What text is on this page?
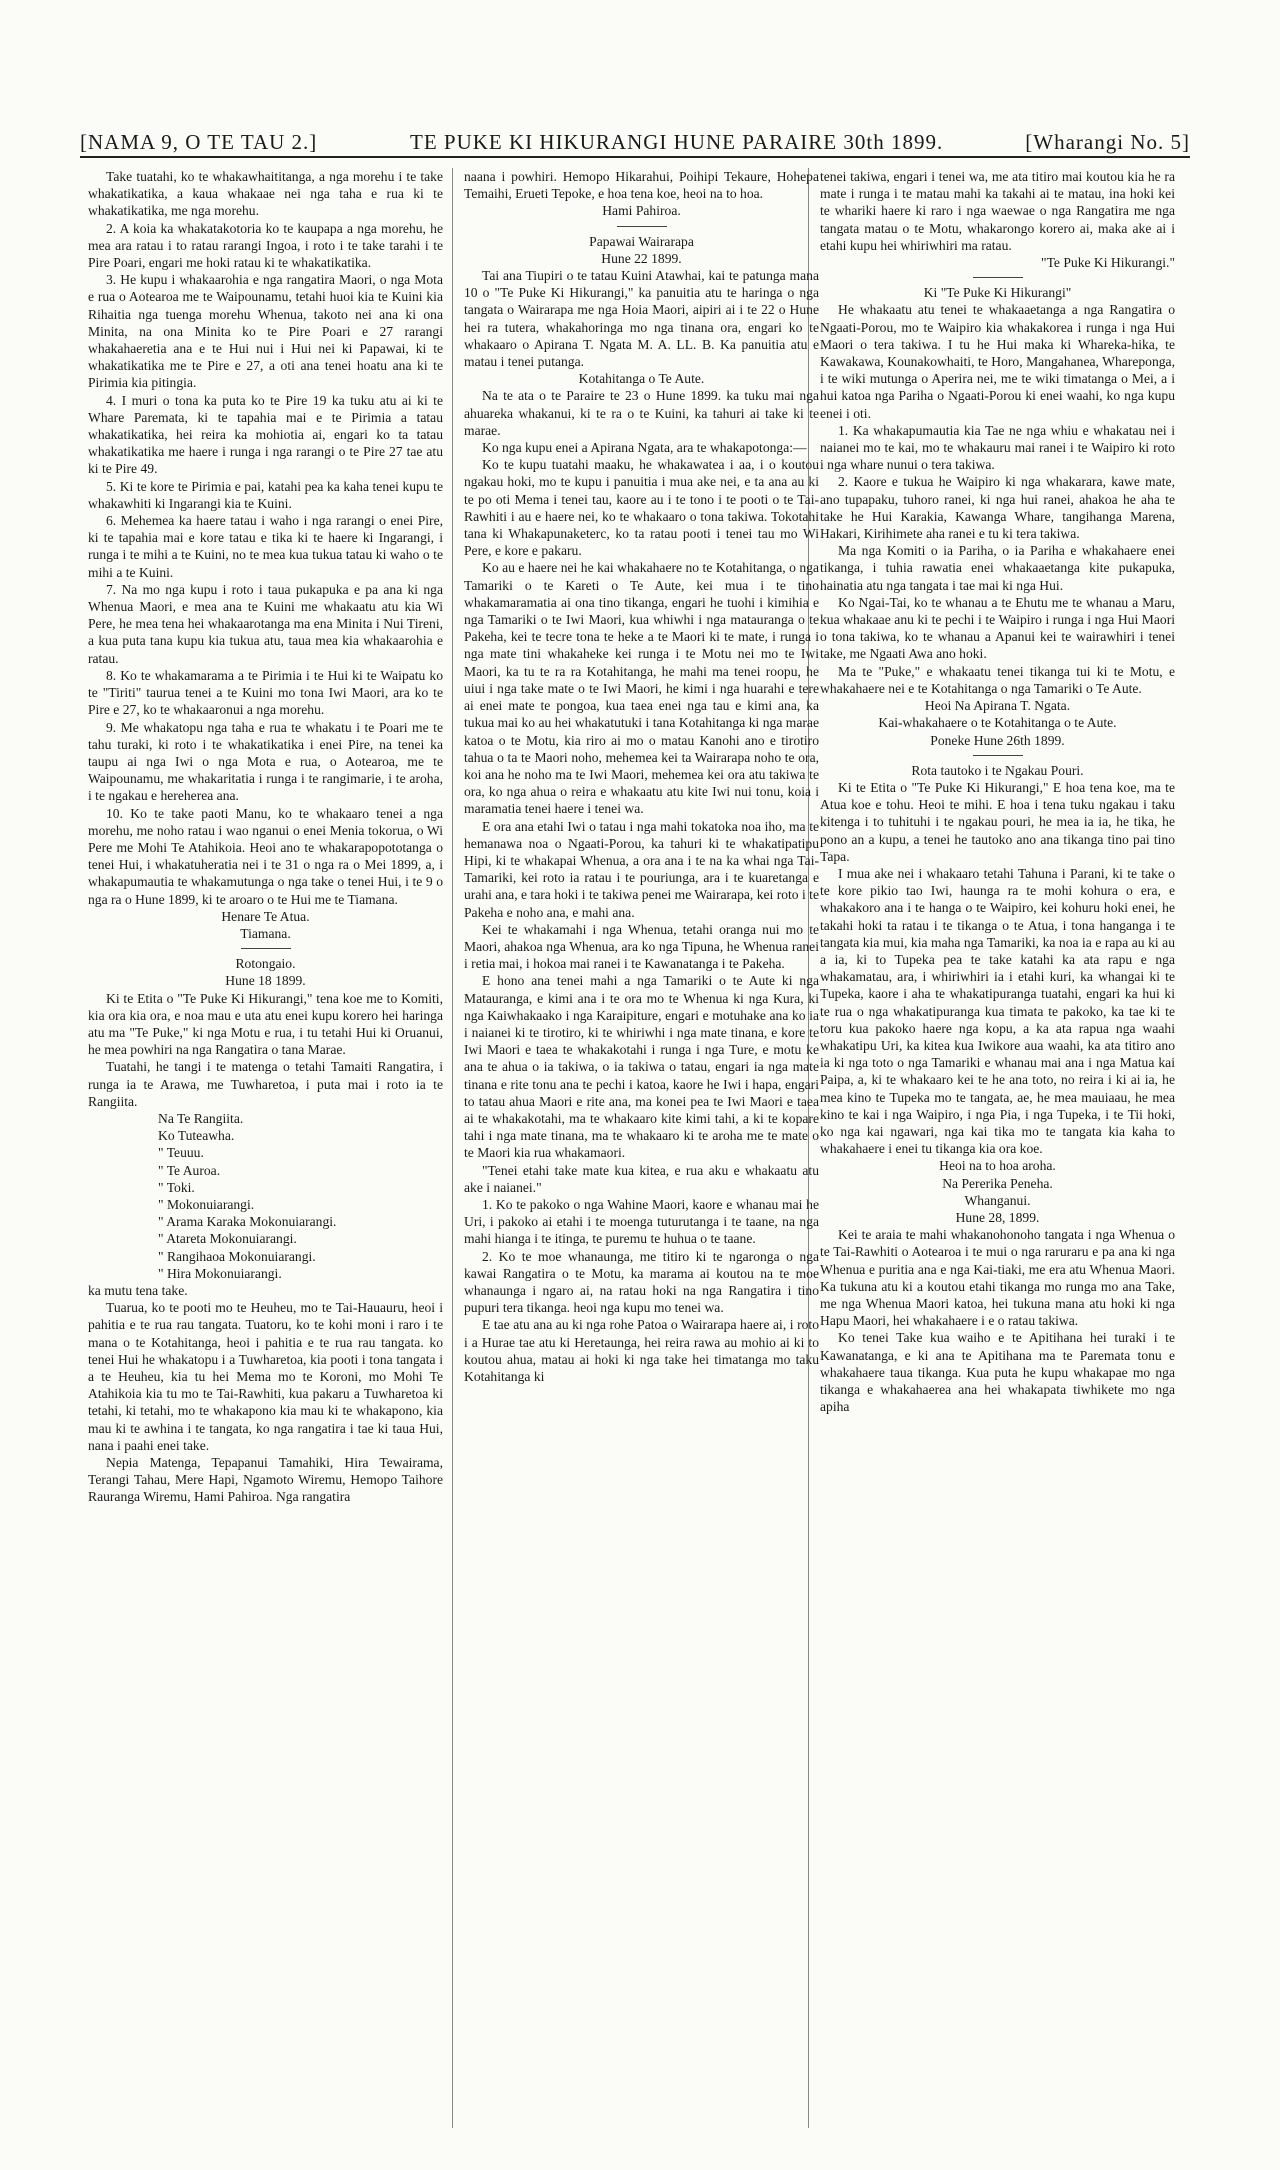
[NAMA 9, O TE TAU 2.]	TE PUKE KI HIKURANGI HUNE PARAIRE 30th 1899.	[Wharangi No. 5]

Take tuatahi, ko te whakawhaititanga, a nga morehu i te take whakatikatika, a kaua whakaae nei nga taha e rua ki te whakatikatika, me nga morehu.

2. A koia ka whakatakotoria ko te kaupapa a nga morehu, he mea ara ratau i to ratau rarangi Ingoa, i roto i te take tarahi i te Pire Poari, engari me hoki ratau ki te whakatikatika.

3. He kupu i whakaarohia e nga rangatira Maori, o nga Mota e rua o Aotearoa me te Waipounamu, tetahi huoi kia te Kuini kia Rihaitia nga tuenga morehu Whenua, takoto nei ana ki ona Minita, na ona Minita ko te Pire Poari e 27 rarangi whakahaeretia ana e te Hui nui i Hui nei ki Papawai, ki te whakatikatika me te Pire e 27, a oti ana tenei hoatu ana ki te Pirimia kia pitingia.

4. I muri o tona ka puta ko te Pire 19 ka tuku atu ai ki te Whare Paremata, ki te tapahia mai e te Pirimia a tatau whakatikatika, hei reira ka mohiotia ai, engari ko ta tatau whakatikatika me haere i runga i nga rarangi o te Pire 27 tae atu ki te Pire 49.

5. Ki te kore te Pirimia e pai, katahi pea ka kaha tenei kupu te whakawhiti ki Ingarangi kia te Kuini.

6. Mehemea ka haere tatau i waho i nga rarangi o enei Pire, ki te tapahia mai e kore tatau e tika ki te haere ki Ingarangi, i runga i te mihi a te Kuini, no te mea kua tukua tatau ki waho o te mihi a te Kuini.

7. Na mo nga kupu i roto i taua pukapuka e pa ana ki nga Whenua Maori, e mea ana te Kuini me whakaatu atu kia Wi Pere, he mea tena hei whakaarotanga ma ena Minita i Nui Tireni, a kua puta tana kupu kia tukua atu, taua mea kia whakaarohia e ratau.

8. Ko te whakamarama a te Pirimia i te Hui ki te Waipatu ko te "Tiriti" taurua tenei a te Kuini mo tona Iwi Maori, ara ko te Pire e 27, ko te whakaaronui a nga morehu.

9. Me whakatopu nga taha e rua te whakatu i te Poari me te tahu turaki, ki roto i te whakatikatika i enei Pire, na tenei ka taupu ai nga Iwi o nga Mota e rua, o Aotearoa, me te Waipounamu, me whakaritatia i runga i te rangimarie, i te aroha, i te ngakau e hereherea ana.

10. Ko te take paoti Manu, ko te whakaaro tenei a nga morehu, me noho ratau i wao nganui o enei Menia tokorua, o Wi Pere me Mohi Te Atahikoia. Heoi ano te whakarapopototanga o tenei Hui, i whakatuheratia nei i te 31 o nga ra o Mei 1899, a, i whakapumautia te whakamutunga o nga take o tenei Hui, i te 9 o nga ra o Hune 1899, ki te aroaro o te Hui me te Tiamana.

Henare Te Atua.

Tiamana.

Rotongaio.

Hune 18 1899.

Ki te Etita o "Te Puke Ki Hikurangi," tena koe me to Komiti, kia ora kia ora, e noa mau e uta atu enei kupu korero hei haringa atu ma "Te Puke," ki nga Motu e rua, i tu tetahi Hui ki Oruanui, he mea powhiri na nga Rangatira o tana Marae.

Tuatahi, he tangi i te matenga o tetahi Tamaiti Rangatira, i runga ia te Arawa, me Tuwharetoa, i puta mai i roto ia te Rangiita.

Na Te Rangiita.

Ko Tuteawha.

" Teuuu.

" Te Auroa.

" Toki.

" Mokonuiarangi.

" Arama Karaka Mokonuiarangi.

" Atareta Mokonuiarangi.

" Rangihaoa Mokonuiarangi.

" Hira Mokonuiarangi.

ka mutu tena take.

Tuarua, ko te pooti mo te Heuheu, mo te Tai-Hauauru, heoi i pahitia e te rua rau tangata. Tuatoru, ko te kohi moni i raro i te mana o te Kotahitanga, heoi i pahitia e te rua rau tangata. ko tenei Hui he whakatopu i a Tuwharetoa, kia pooti i tona tangata i a te Heuheu, kia tu hei Mema mo te Koroni, mo Mohi Te Atahikoia kia tu mo te Tai-Rawhiti, kua pakaru a Tuwharetoa ki tetahi, ki tetahi, mo te whakapono kia mau ki te whakapono, kia mau ki te awhina i te tangata, ko nga rangatira i tae ki taua Hui, nana i paahi enei take.

Nepia Matenga, Tepapanui Tamahiki, Hira Tewairama, Terangi Tahau, Mere Hapi, Ngamoto Wiremu, Hemopo Taihore Rauranga Wiremu, Hami Pahiroa. Nga rangatira

naana i powhiri. Hemopo Hikarahui, Poihipi Tekaure, Hohepa Temaihi, Erueti Tepoke, e hoa tena koe, heoi na to hoa.

Hami Pahiroa.

Papawai Wairarapa

Hune 22 1899.

Tai ana Tiupiri o te tatau Kuini Atawhai, kai te patunga mana 10 o "Te Puke Ki Hikurangi," ka panuitia atu te haringa o nga tangata o Wairarapa me nga Hoia Maori, aipiri ai i te 22 o Hune hei ra tutera, whakahoringa mo nga tinana ora, engari ko te whakaaro o Apirana T. Ngata M. A. LL. B. Ka panuitia atu e matau i tenei putanga.

Kotahitanga o Te Aute.

Na te ata o te Paraire te 23 o Hune 1899. ka tuku mai nga ahuareka whakanui, ki te ra o te Kuini, ka tahuri ai take ki te marae.

Ko nga kupu enei a Apirana Ngata, ara te whakapotonga:—

Ko te kupu tuatahi maaku, he whakawatea i aa, i o koutou ngakau hoki, mo te kupu i panuitia i mua ake nei, e ta ana au ki te po oti Mema i tenei tau, kaore au i te tono i te pooti o te Tai-Rawhiti i au e haere nei, ko te whakaaro o tona takiwa. Tokotahi tana ki Whakapunaketerc, ko ta ratau pooti i tenei tau mo Wi Pere, e kore e pakaru.

Ko au e haere nei he kai whakahaere no te Kotahitanga, o nga Tamariki o te Kareti o Te Aute, kei mua i te tino whakamaramatia ai ona tino tikanga, engari he tuohi i kimihia e nga Tamariki o te Iwi Maori, kua whiwhi i nga matauranga o te Pakeha, kei te tecre tona te heke a te Maori ki te mate, i runga i nga mate tini whakaheke kei runga i te Motu nei mo te Iwi Maori, ka tu te ra ra Kotahitanga, he mahi ma tenei roopu, he uiui i nga take mate o te Iwi Maori, he kimi i nga huarahi e tere ai enei mate te pongoa, kua taea enei nga tau e kimi ana, ka tukua mai ko au hei whakatutuki i tana Kotahitanga ki nga marae katoa o te Motu, kia riro ai mo o matau Kanohi ano e tirotiro tahua o ta te Maori noho, mehemea kei ta Wairarapa noho te ora, koi ana he noho ma te Iwi Maori, mehemea kei ora atu takiwa te ora, ko nga ahua o reira e whakaatu atu kite Iwi nui tonu, koia i maramatia tenei haere i tenei wa.

E ora ana etahi Iwi o tatau i nga mahi tokatoka noa iho, ma te hemanawa noa o Ngaati-Porou, ka tahuri ki te whakatipatipu Hipi, ki te whakapai Whenua, a ora ana i te na ka whai nga Tai-Tamariki, kei roto ia ratau i te pouriunga, ara i te kuaretanga e urahi ana, e tara hoki i te takiwa penei me Wairarapa, kei roto i te Pakeha e noho ana, e mahi ana.

Kei te whakamahi i nga Whenua, tetahi oranga nui mo te Maori, ahakoa nga Whenua, ara ko nga Tipuna, he Whenua ranei i retia mai, i hokoa mai ranei i te Kawanatanga i te Pakeha.

E hono ana tenei mahi a nga Tamariki o te Aute ki nga Matauranga, e kimi ana i te ora mo te Whenua ki nga Kura, ki nga Kaiwhakaako i nga Karaipiture, engari e motuhake ana ko ia i naianei ki te tirotiro, ki te whiriwhi i nga mate tinana, e kore te Iwi Maori e taea te whakakotahi i runga i nga Ture, e motu ke ana te ahua o ia takiwa, o ia takiwa o tatau, engari ia nga mate tinana e rite tonu ana te pechi i katoa, kaore he Iwi i hapa, engari to tatau ahua Maori e rite ana, ma konei pea te Iwi Maori e taea ai te whakakotahi, ma te whakaaro kite kimi tahi, a ki te kopare tahi i nga mate tinana, ma te whakaaro ki te aroha me te mate o te Maori kia rua whakamaori.

"Tenei etahi take mate kua kitea, e rua aku e whakaatu atu ake i naianei."

1. Ko te pakoko o nga Wahine Maori, kaore e whanau mai he Uri, i pakoko ai etahi i te moenga tuturutanga i te taane, na nga mahi hianga i te itinga, te puremu te huhua o te taane.

2. Ko te moe whanaunga, me titiro ki te ngaronga o nga kawai Rangatira o te Motu, ka marama ai koutou na te moe whanaunga i ngaro ai, na ratau hoki na nga Rangatira i tino pupuri tera tikanga. heoi nga kupu mo tenei wa.

E tae atu ana au ki nga rohe Patoa o Wairarapa haere ai, i roto i a Hurae tae atu ki Heretaunga, hei reira rawa au mohio ai ki to koutou ahua, matau ai hoki ki nga take hei timatanga mo taku Kotahitanga ki

tenei takiwa, engari i tenei wa, me ata titiro mai koutou kia he ra mate i runga i te matau mahi ka takahi ai te matau, ina hoki kei te whariki haere ki raro i nga waewae o nga Rangatira me nga tangata matau o te Motu, whakarongo korero ai, maka ake ai i etahi kupu hei whiriwhiri ma ratau.

"Te Puke Ki Hikurangi."

Ki "Te Puke Ki Hikurangi"

He whakaatu atu tenei te whakaaetanga a nga Rangatira o Ngaati-Porou, mo te Waipiro kia whakakorea i runga i nga Hui Maori o tera takiwa. I tu he Hui maka ki Whareka-hika, te Kawakawa, Kounakowhaiti, te Horo, Mangahanea, Whareponga, i te wiki mutunga o Aperira nei, me te wiki timatanga o Mei, a i hui katoa nga Pariha o Ngaati-Porou ki enei waahi, ko nga kupu enei i oti.

1. Ka whakapumautia kia Tae ne nga whiu e whakatau nei i naianei mo te kai, mo te whakauru mai ranei i te Waipiro ki roto i nga whare nunui o tera takiwa.

2. Kaore e tukua he Waipiro ki nga whakarara, kawe mate, ano tupapaku, tuhoro ranei, ki nga hui ranei, ahakoa he aha te take he Hui Karakia, Kawanga Whare, tangihanga Marena, Hakari, Kirihimete aha ranei e tu ki tera takiwa.

Ma nga Komiti o ia Pariha, o ia Pariha e whakahaere enei tikanga, i tuhia rawatia enei whakaaetanga kite pukapuka, hainatia atu nga tangata i tae mai ki nga Hui.

Ko Ngai-Tai, ko te whanau a te Ehutu me te whanau a Maru, kua whakaae anu ki te pechi i te Waipiro i runga i nga Hui Maori o tona takiwa, ko te whanau a Apanui kei te wairawhiri i tenei take, me Ngaati Awa ano hoki.

Ma te "Puke," e whakaatu tenei tikanga tui ki te Motu, e whakahaere nei e te Kotahitanga o nga Tamariki o Te Aute.

Heoi Na Apirana T. Ngata.

Kai-whakahaere o te Kotahitanga o te Aute.

Poneke Hune 26th 1899.

Rota tautoko i te Ngakau Pouri.

Ki te Etita o "Te Puke Ki Hikurangi," E hoa tena koe, ma te Atua koe e tohu. Heoi te mihi. E hoa i tena tuku ngakau i taku kitenga i to tuhituhi i te ngakau pouri, he mea ia ia, he tika, he pono an a kupu, a tenei he tautoko ano ana tikanga tino pai tino Tapa.

I mua ake nei i whakaaro tetahi Tahuna i Parani, ki te take o te kore pikio tao Iwi, haunga ra te mohi kohura o era, e whakakoro ana i te hanga o te Waipiro, kei kohuru hoki enei, he takahi hoki ta ratau i te tikanga o te Atua, i tona hanganga i te tangata kia mui, kia maha nga Tamariki, ka noa ia e rapa au ki au a ia, ki to Tupeka pea te take katahi ka ata rapu e nga whakamatau, ara, i whiriwhiri ia i etahi kuri, ka whangai ki te Tupeka, kaore i aha te whakatipuranga tuatahi, engari ka hui ki te rua o nga whakatipuranga kua timata te pakoko, ka tae ki te toru kua pakoko haere nga kopu, a ka ata rapua nga waahi whakatipu Uri, ka kitea kua Iwikore aua waahi, ka ata titiro ano ia ki nga toto o nga Tamariki e whanau mai ana i nga Matua kai Paipa, a, ki te whakaaro kei te he ana toto, no reira i ki ai ia, he mea kino te Tupeka mo te tangata, ae, he mea mauiaau, he mea kino te kai i nga Waipiro, i nga Pia, i nga Tupeka, i te Tii hoki, ko nga kai ngawari, nga kai tika mo te tangata kia kaha to whakahaere i enei tu tikanga kia ora koe.

Heoi na to hoa aroha.

Na Pererika Peneha.

Whanganui.

Hune 28, 1899.

Kei te araia te mahi whakanohonoho tangata i nga Whenua o te Tai-Rawhiti o Aotearoa i te mui o nga raruraru e pa ana ki nga Whenua e puritia ana e nga Kai-tiaki, me era atu Whenua Maori. Ka tukuna atu ki a koutou etahi tikanga mo runga mo ana Take, me nga Whenua Maori katoa, hei tukuna mana atu hoki ki nga Hapu Maori, hei whakahaere i e o ratau takiwa.

Ko tenei Take kua waiho e te Apitihana hei turaki i te Kawanatanga, e ki ana te Apitihana ma te Paremata tonu e whakahaere taua tikanga. Kua puta he kupu whakapae mo nga tikanga e whakahaerea ana hei whakapata tiwhikete mo nga apiha
